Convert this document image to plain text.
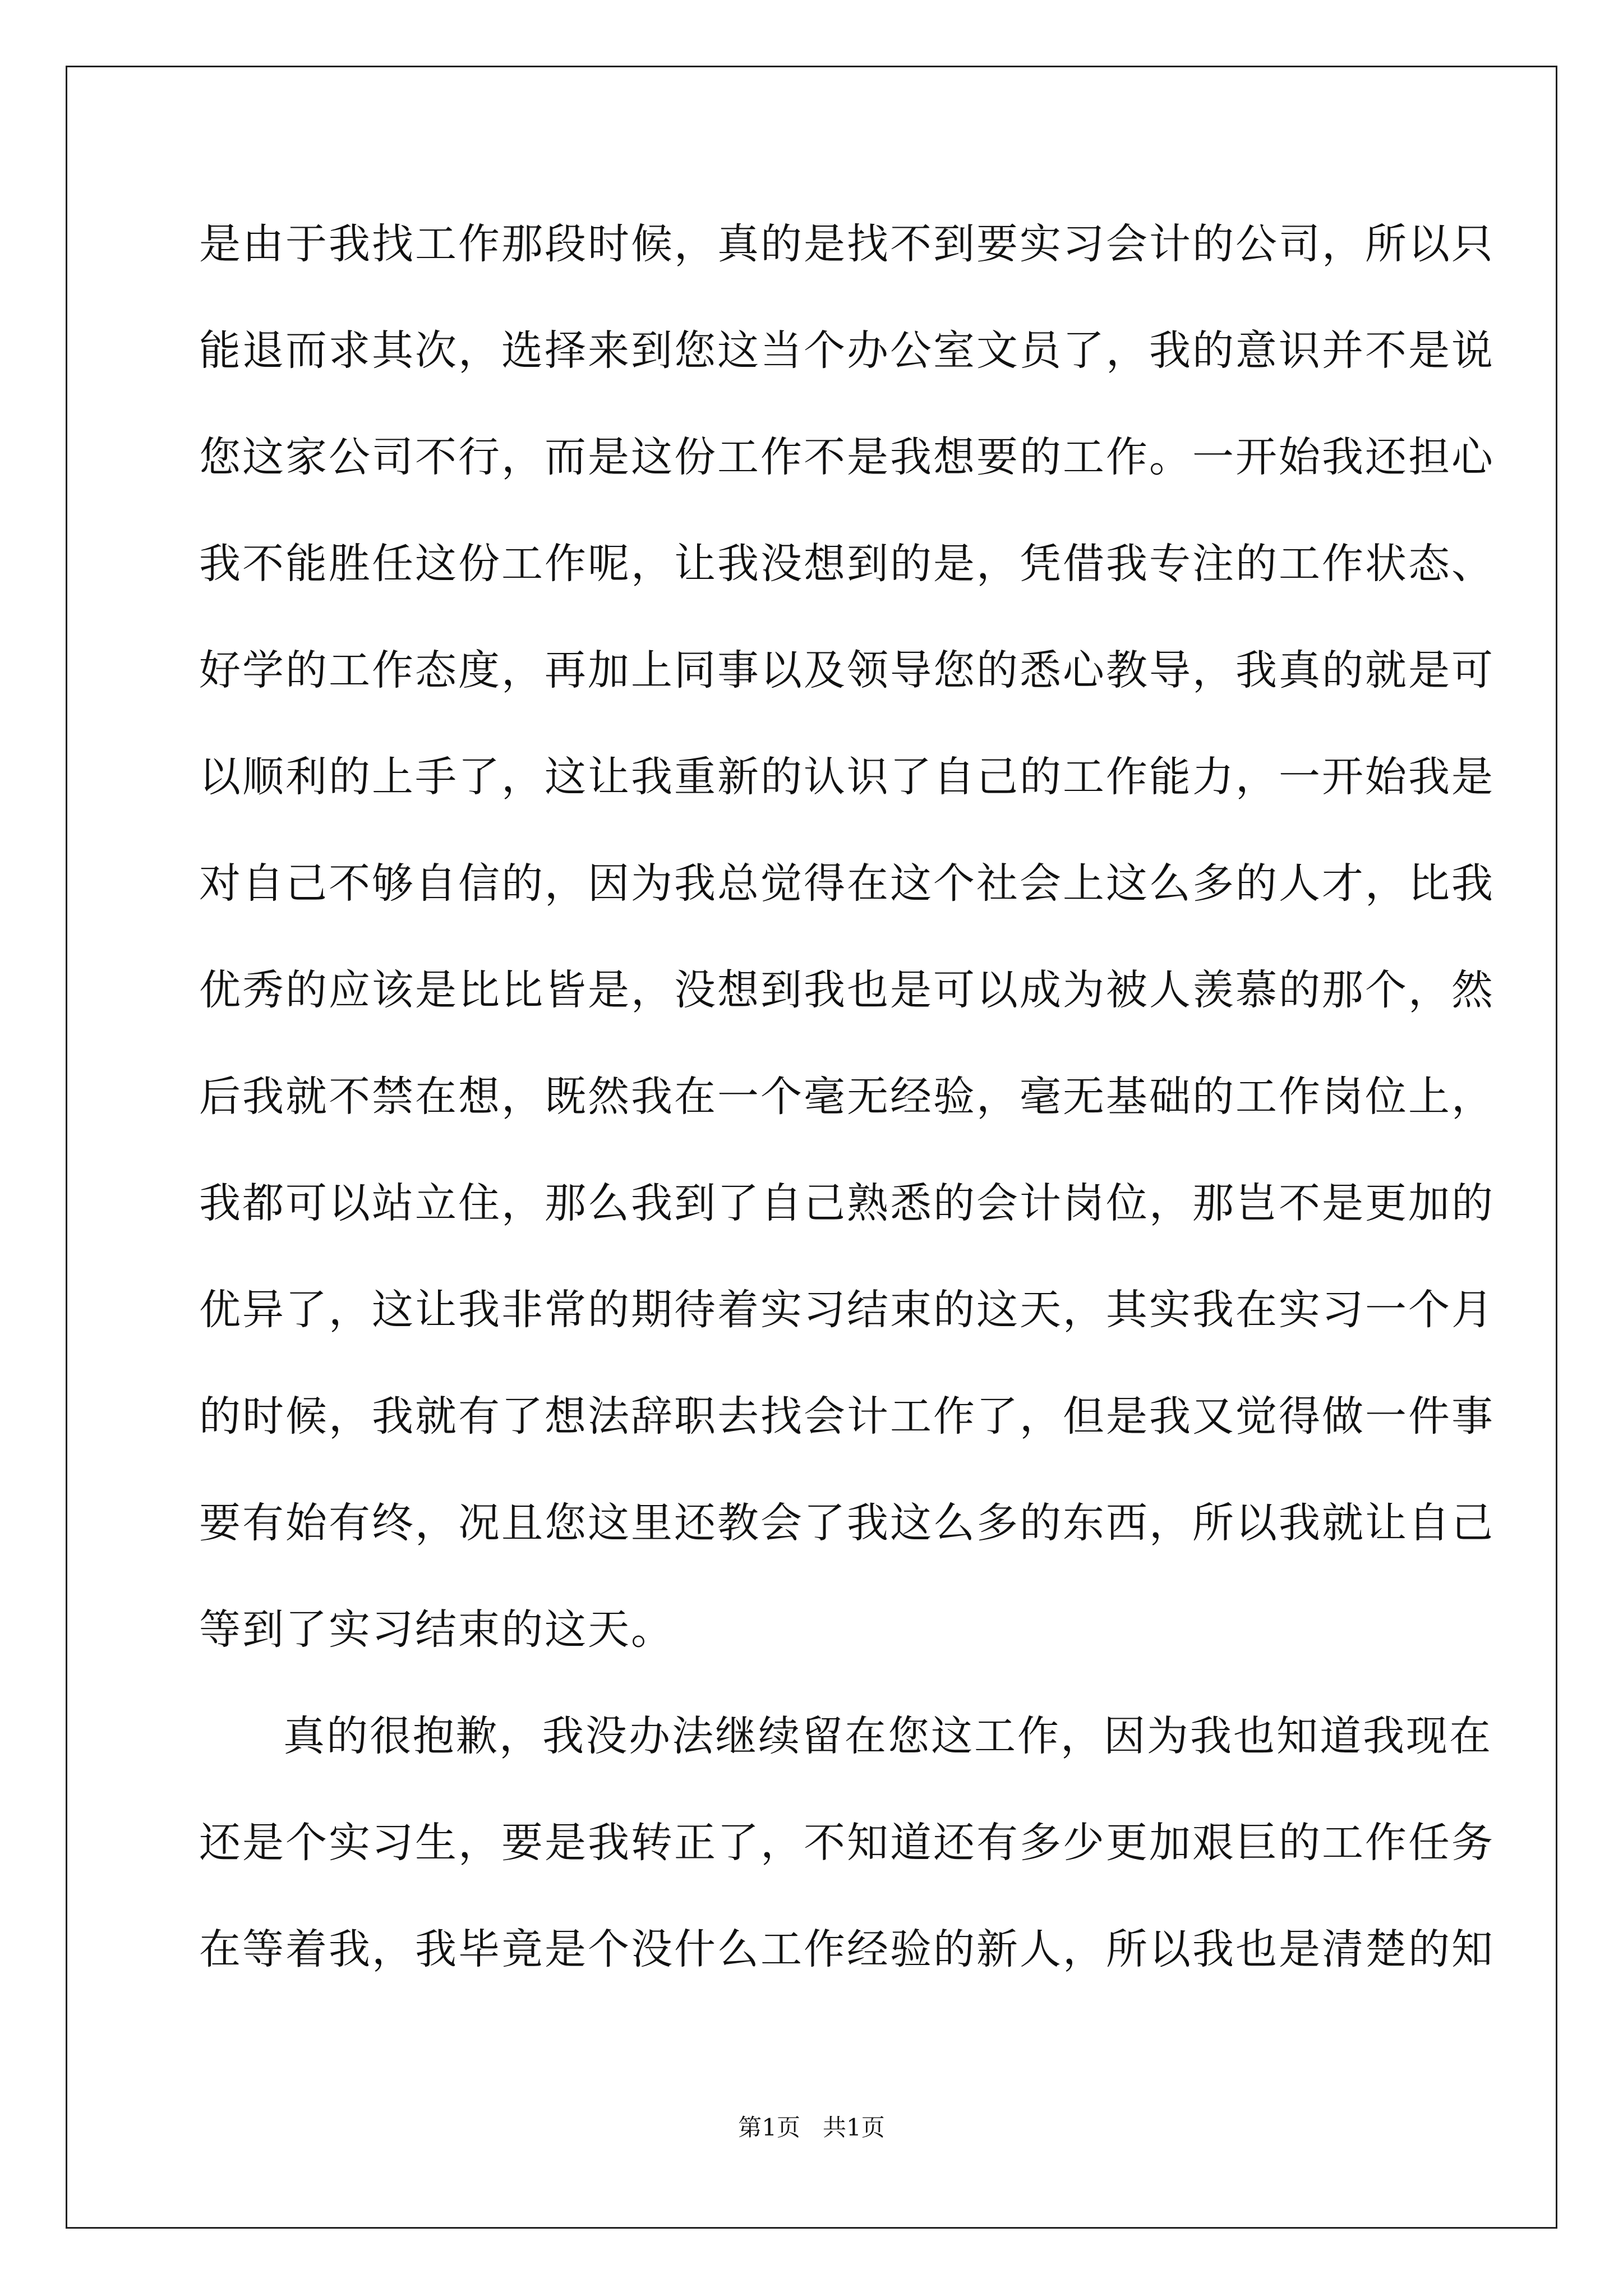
是由于我找工作那段时候，真的是找不到要实习会计的公司，所以只
能退而求其次，选择来到您这当个办公室文员了，我的意识并不是说
您这家公司不行，而是这份工作不是我想要的工作。一开始我还担心
我不能胜任这份工作呢，让我没想到的是，凭借我专注的工作状态、
好学的工作态度，再加上同事以及领导您的悉心教导，我真的就是可
以顺利的上手了，这让我重新的认识了自己的工作能力，一开始我是
对自己不够自信的，因为我总觉得在这个社会上这么多的人才，比我
优秀的应该是比比皆是，没想到我也是可以成为被人羡慕的那个，然
后我就不禁在想，既然我在一个毫无经验，毫无基础的工作岗位上，
我都可以站立住，那么我到了自己熟悉的会计岗位，那岂不是更加的
优异了，这让我非常的期待着实习结束的这天，其实我在实习一个月
的时候，我就有了想法辞职去找会计工作了，但是我又觉得做一件事
要有始有终，况且您这里还教会了我这么多的东西，所以我就让自己
等到了实习结束的这天。
真的很抱歉，我没办法继续留在您这工作，因为我也知道我现在
还是个实习生，要是我转正了，不知道还有多少更加艰巨的工作任务
在等着我，我毕竟是个没什么工作经验的新人，所以我也是清楚的知
第1页   共1页
